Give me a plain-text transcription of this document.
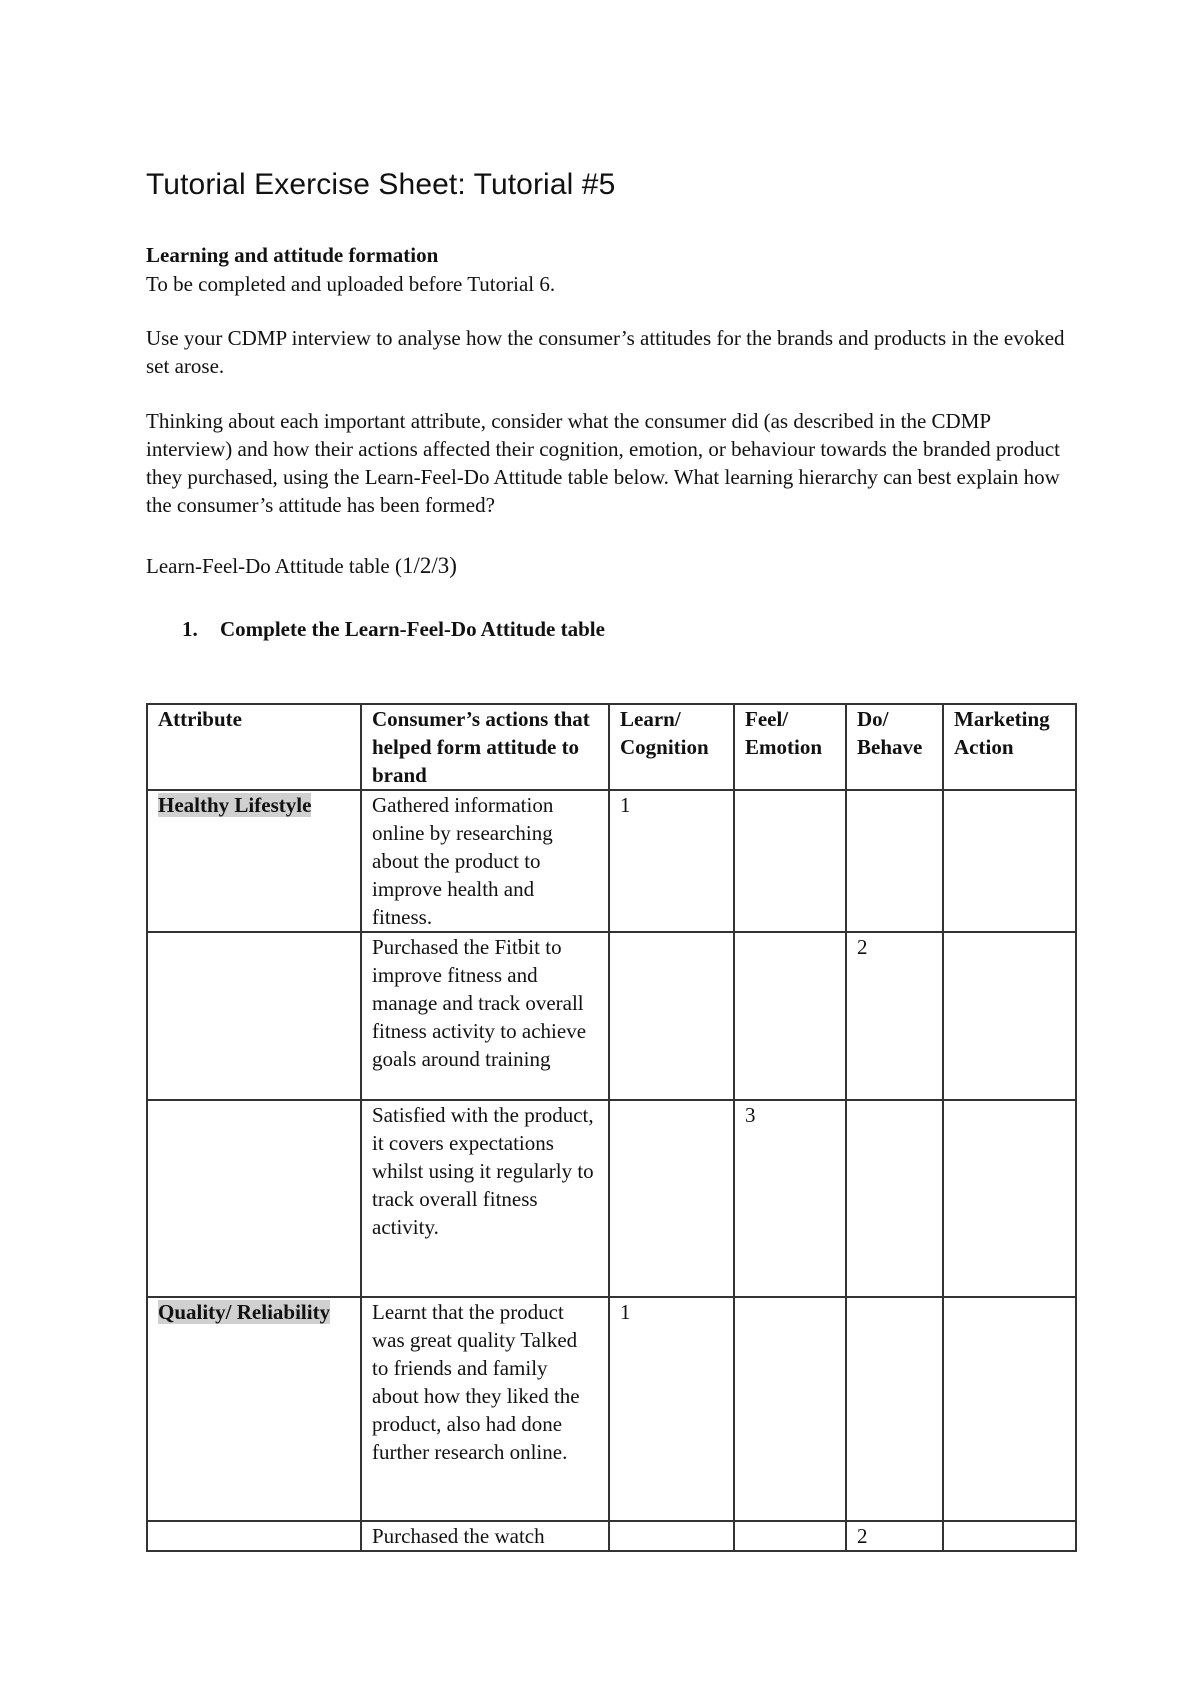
Tutorial Exercise Sheet: Tutorial #5
Learning and attitude formation

To be completed and uploaded before Tutorial 6.

Use your CDMP interview to analyse how the consumer’s attitudes for the brands and products in the evoked set arose.

Thinking about each important attribute, consider what the consumer did (as described in the CDMP interview) and how their actions affected their cognition, emotion, or behaviour towards the branded product they purchased, using the Learn-Feel-Do Attitude table below. What learning hierarchy can best explain how the consumer’s attitude has been formed?

Learn-Feel-Do Attitude table (1/2/3)
1. Complete the Learn-Feel-Do Attitude table
Attribute	Consumer’s actions that helped form attitude to brand	Learn/ Cognition	Feel/ Emotion	Do/ Behave	Marketing Action
Healthy Lifestyle	Gathered information online by researching about the product to improve health and fitness.	1			
	Purchased the Fitbit to improve fitness and manage and track overall fitness activity to achieve goals around training			2	
	Satisfied with the product, it covers expectations whilst using it regularly to track overall fitness activity.		3		
Quality/ Reliability	Learnt that the product was great quality Talked to friends and family about how they liked the product, also had done further research online.	1			
	Purchased the watch			2	
